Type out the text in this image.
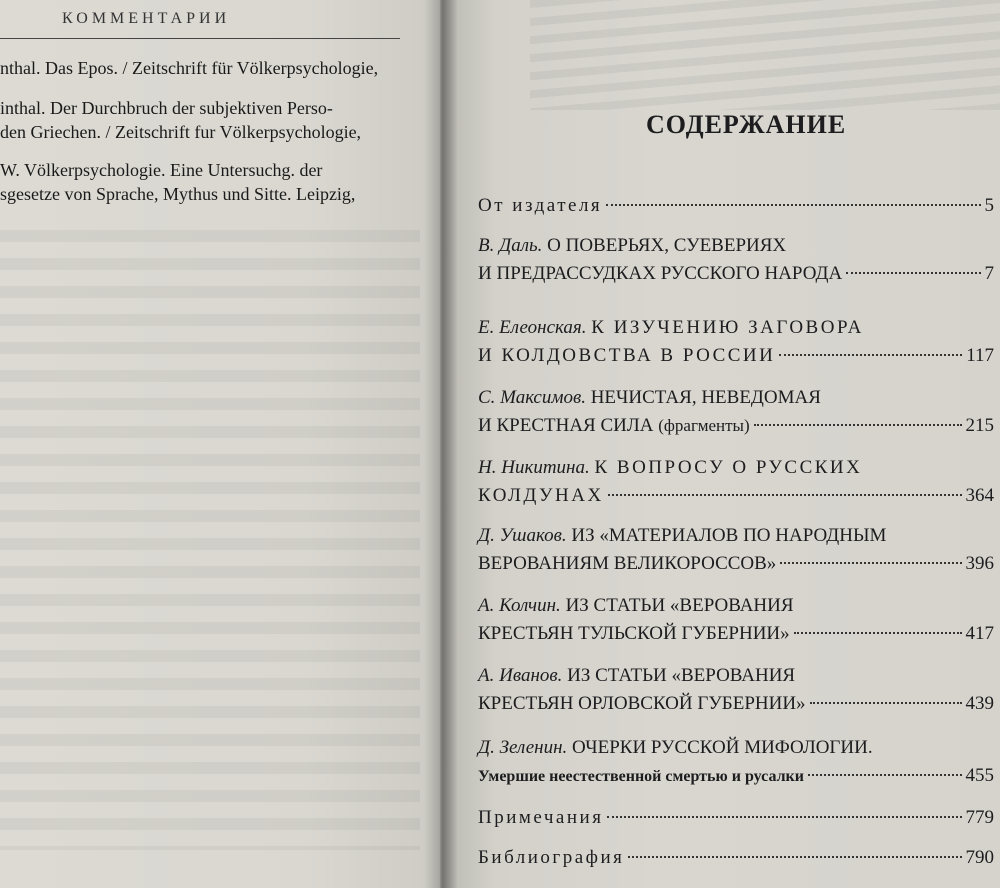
КОММЕНТАРИИ
nthal. Das Epos. / Zeitschrift für Völkerpsychologie,
inthal. Der Durchbruch der subjektiven Perso-
den Griechen. / Zeitschrift fur Völkerpsychologie,
W. Völkerpsychologie. Eine Untersuchg. der
sgesetze von Sprache, Mythus und Sitte. Leipzig,
СОДЕРЖАНИЕ
От издателя	5
В. Даль. О ПОВЕРЬЯХ, СУЕВЕРИЯХ
И ПРЕДРАССУДКАХ РУССКОГО НАРОДА	7
Е. Елеонская. К ИЗУЧЕНИЮ ЗАГОВОРА
И КОЛДОВСТВА В РОССИИ	117
С. Максимов. НЕЧИСТАЯ, НЕВЕДОМАЯ
И КРЕСТНАЯ СИЛА
(фрагменты)	215
Н. Никитина. К ВОПРОСУ О РУССКИХ
КОЛДУНАХ	364
Д. Ушаков. ИЗ «МАТЕРИАЛОВ ПО НАРОДНЫМ
ВЕРОВАНИЯМ ВЕЛИКОРОССОВ»	396
А. Колчин. ИЗ СТАТЬИ «ВЕРОВАНИЯ
КРЕСТЬЯН ТУЛЬСКОЙ ГУБЕРНИИ»	417
А. Иванов. ИЗ СТАТЬИ «ВЕРОВАНИЯ
КРЕСТЬЯН ОРЛОВСКОЙ ГУБЕРНИИ»	439
Д. Зеленин. ОЧЕРКИ РУССКОЙ МИФОЛОГИИ.
Умершие неестественной смертью и русалки	455
Примечания	779
Библиография	790
